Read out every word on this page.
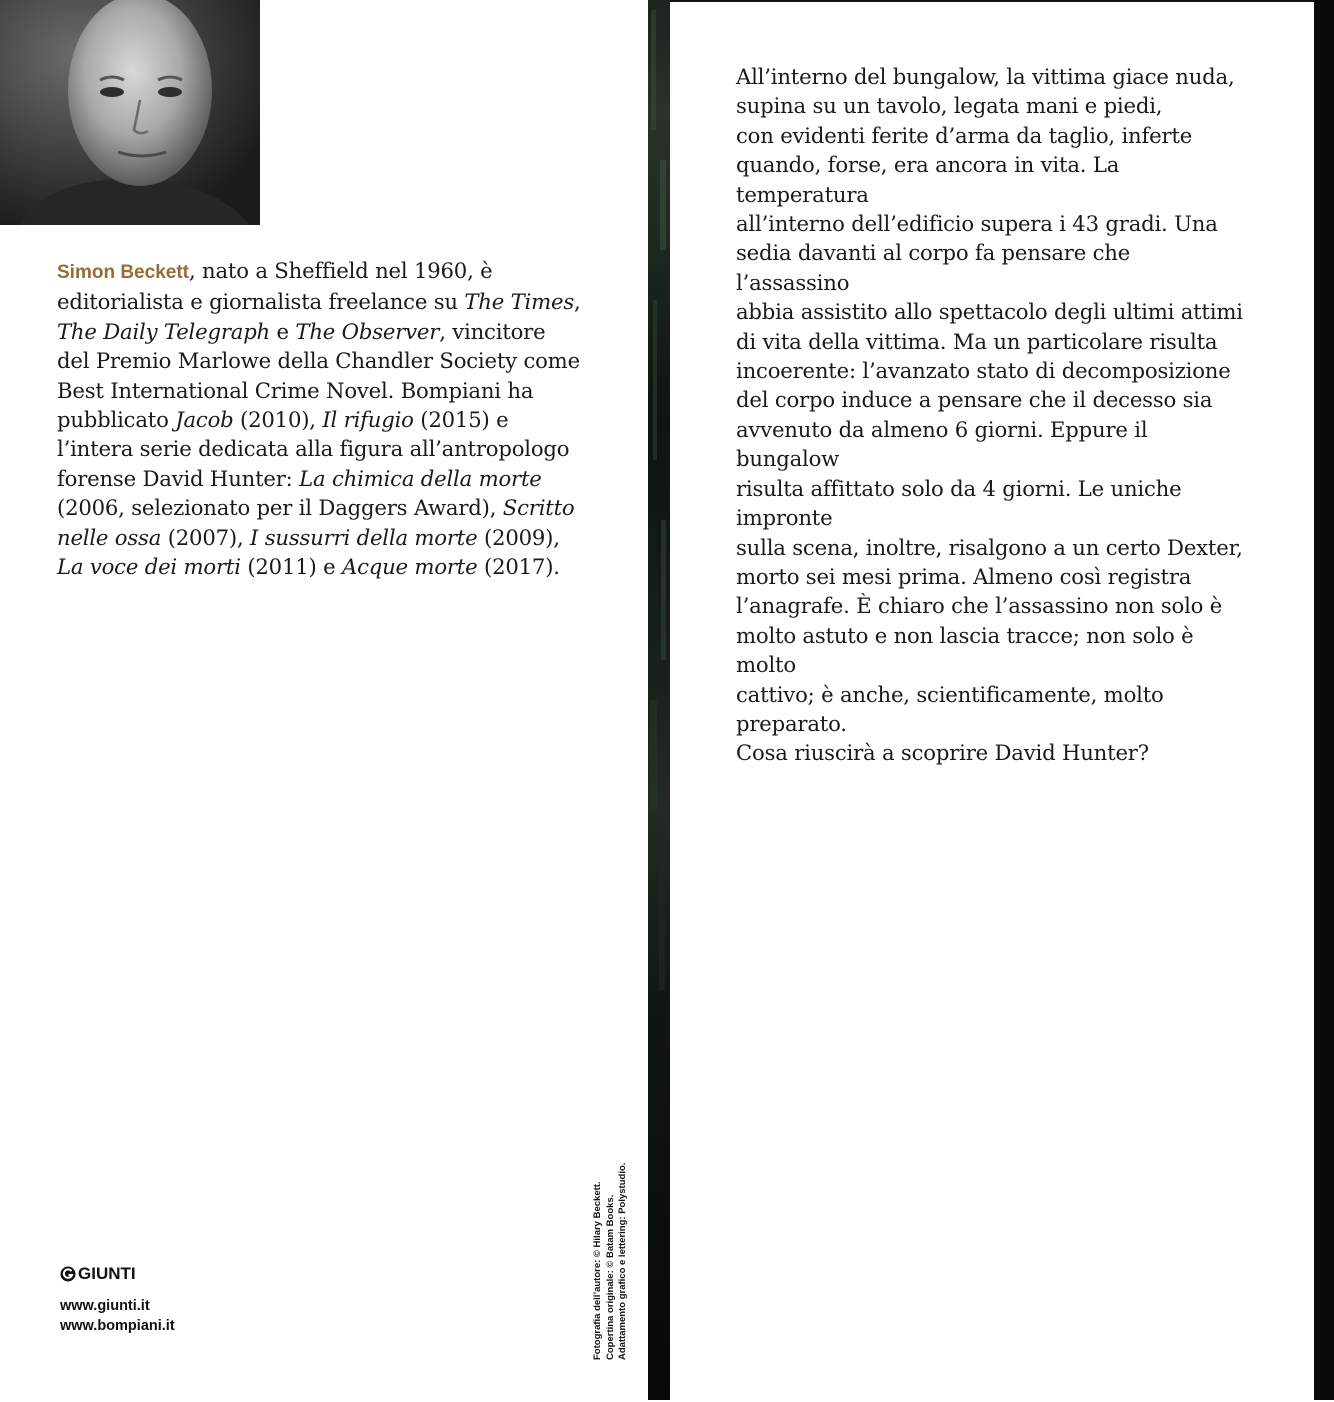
Simon Beckett, nato a Sheffield nel 1960, è editorialista e giornalista freelance su The Times, The Daily Telegraph e The Observer, vincitore del Premio Marlowe della Chandler Society come Best International Crime Novel. Bompiani ha pubblicato Jacob (2010), Il rifugio (2015) e l’intera serie dedicata alla figura all’antropologo forense David Hunter: La chimica della morte (2006, selezionato per il Daggers Award), Scritto nelle ossa (2007), I sussurri della morte (2009), La voce dei morti (2011) e Acque morte (2017).
GIUNTI
www.giunti.it
www.bompiani.it	Fotografia dell’autore: © Hilary Beckett. Copertina originale: © Batam Books. Adattamento grafico e lettering: Polystudio.
All’interno del bungalow, la vittima giace nuda,
supina su un tavolo, legata mani e piedi,
con evidenti ferite d’arma da taglio, inferte
quando, forse, era ancora in vita. La temperatura
all’interno dell’edificio supera i 43 gradi. Una
sedia davanti al corpo fa pensare che l’assassino
abbia assistito allo spettacolo degli ultimi attimi
di vita della vittima. Ma un particolare risulta
incoerente: l’avanzato stato di decomposizione
del corpo induce a pensare che il decesso sia
avvenuto da almeno 6 giorni. Eppure il bungalow
risulta affittato solo da 4 giorni. Le uniche impronte
sulla scena, inoltre, risalgono a un certo Dexter,
morto sei mesi prima. Almeno così registra
l’anagrafe. È chiaro che l’assassino non solo è
molto astuto e non lascia tracce; non solo è molto
cattivo; è anche, scientificamente, molto preparato.
Cosa riuscirà a scoprire David Hunter?
